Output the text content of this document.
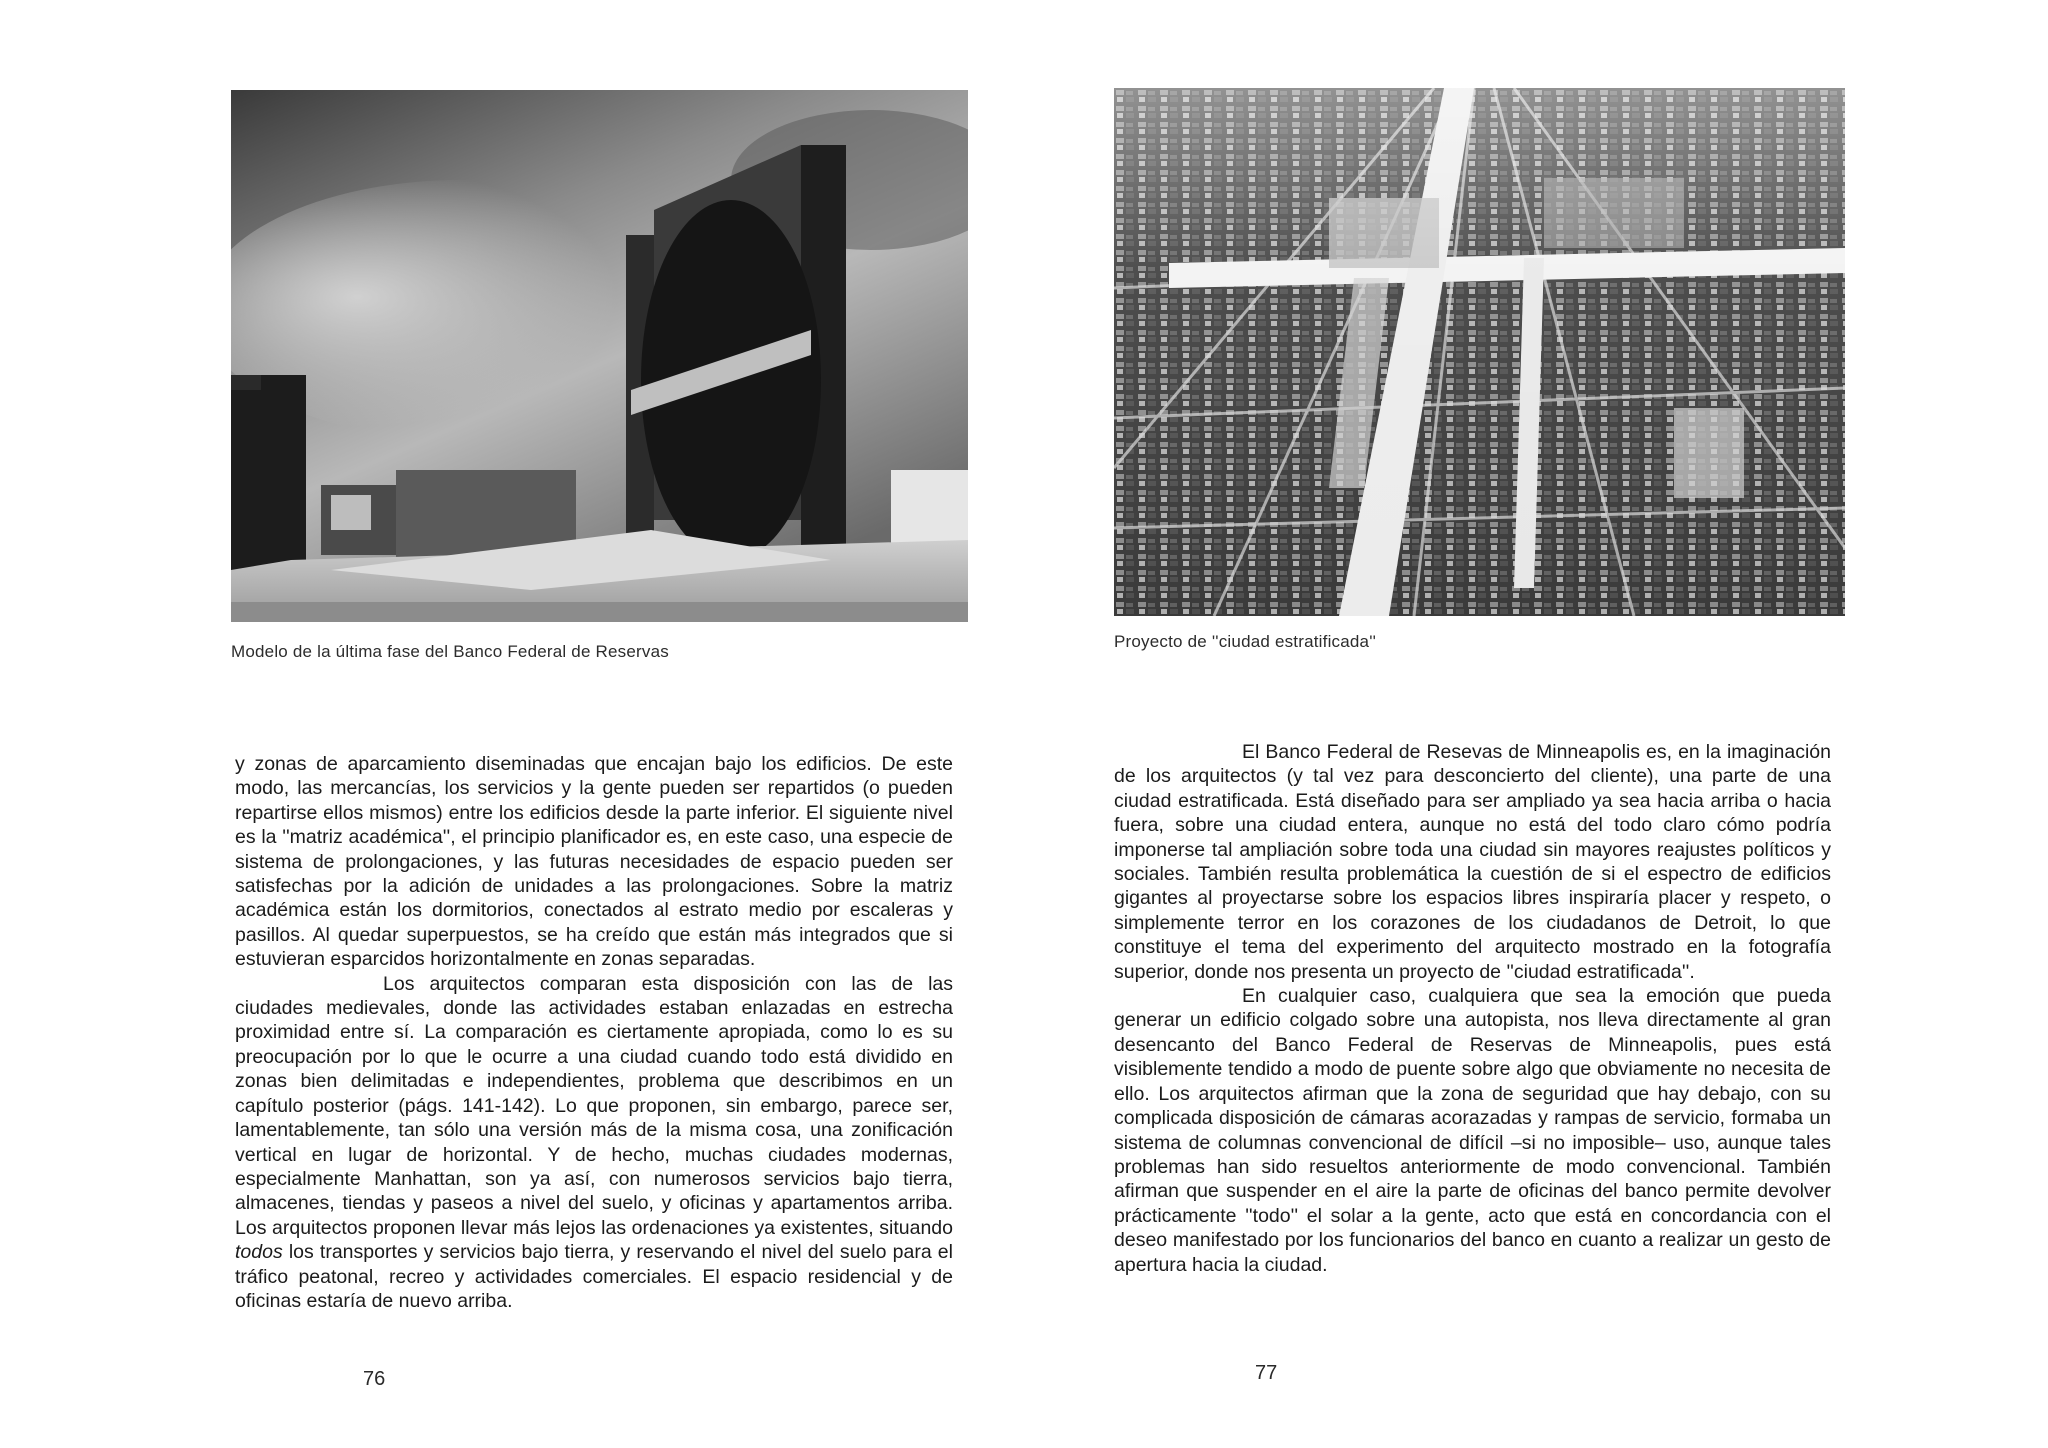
Modelo de la última fase del Banco Federal de Reservas

y zonas de aparcamiento diseminadas que encajan bajo los edificios. De este modo, las mercancías, los servicios y la gente pueden ser repartidos (o pueden repartirse ellos mismos) entre los edificios desde la parte inferior. El siguiente nivel es la ''matriz académica'', el principio planificador es, en este caso, una especie de sistema de prolongaciones, y las futuras necesidades de espacio pueden ser satisfechas por la adición de unidades a las prolongaciones. Sobre la matriz académica están los dormitorios, conectados al estrato medio por escaleras y pasillos. Al quedar superpuestos, se ha creído que están más integrados que si estuvieran esparcidos horizontalmente en zonas separadas.

Los arquitectos comparan esta disposición con las de las ciudades medievales, donde las actividades estaban enlazadas en estrecha proximidad entre sí. La comparación es ciertamente apropiada, como lo es su preocupación por lo que le ocurre a una ciudad cuando todo está dividido en zonas bien delimitadas e independientes, problema que describimos en un capítulo posterior (págs. 141-142). Lo que proponen, sin embargo, parece ser, lamentablemente, tan sólo una versión más de la misma cosa, una zonificación vertical en lugar de horizontal. Y de hecho, muchas ciudades modernas, especialmente Manhattan, son ya así, con numerosos servicios bajo tierra, almacenes, tiendas y paseos a nivel del suelo, y oficinas y apartamentos arriba. Los arquitectos proponen llevar más lejos las ordenaciones ya existentes, situando todos los transportes y servicios bajo tierra, y reservando el nivel del suelo para el tráfico peatonal, recreo y actividades comerciales. El espacio residencial y de oficinas estaría de nuevo arriba.

76
Proyecto de ''ciudad estratificada''

El Banco Federal de Resevas de Minneapolis es, en la imaginación de los arquitectos (y tal vez para desconcierto del cliente), una parte de una ciudad estratificada. Está diseñado para ser ampliado ya sea hacia arriba o hacia fuera, sobre una ciudad entera, aunque no está del todo claro cómo podría imponerse tal ampliación sobre toda una ciudad sin mayores reajustes políticos y sociales. También resulta problemática la cuestión de si el espectro de edificios gigantes al proyectarse sobre los espacios libres inspiraría placer y respeto, o simplemente terror en los corazones de los ciudadanos de Detroit, lo que constituye el tema del experimento del arquitecto mostrado en la fotografía superior, donde nos presenta un proyecto de ''ciudad estratificada''.

En cualquier caso, cualquiera que sea la emoción que pueda generar un edificio colgado sobre una autopista, nos lleva directamente al gran desencanto del Banco Federal de Reservas de Minneapolis, pues está visiblemente tendido a modo de puente sobre algo que obviamente no necesita de ello. Los arquitectos afirman que la zona de seguridad que hay debajo, con su complicada disposición de cámaras acorazadas y rampas de servicio, formaba un sistema de columnas convencional de difícil –si no imposible– uso, aunque tales problemas han sido resueltos anteriormente de modo convencional. También afirman que suspender en el aire la parte de oficinas del banco permite devolver prácticamente ''todo'' el solar a la gente, acto que está en concordancia con el deseo manifestado por los funcionarios del banco en cuanto a realizar un gesto de apertura hacia la ciudad.

77
